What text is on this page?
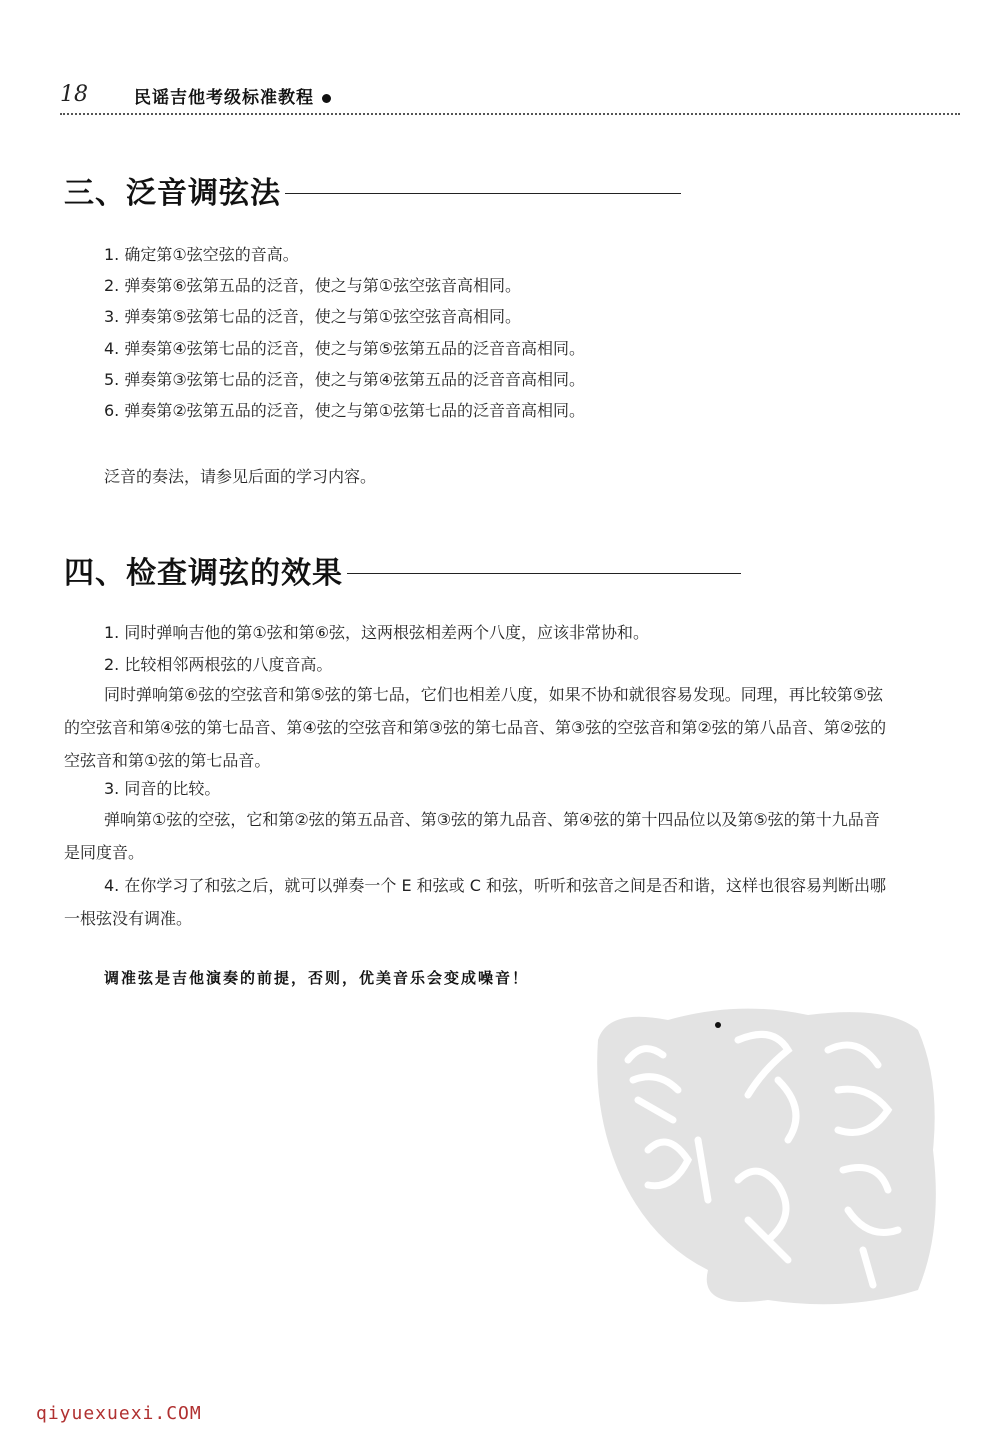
18	民谣吉他考级标准教程
三、泛音调弦法
1. 确定第①弦空弦的音高。
2. 弹奏第⑥弦第五品的泛音，使之与第①弦空弦音高相同。
3. 弹奏第⑤弦第七品的泛音，使之与第①弦空弦音高相同。
4. 弹奏第④弦第七品的泛音，使之与第⑤弦第五品的泛音音高相同。
5. 弹奏第③弦第七品的泛音，使之与第④弦第五品的泛音音高相同。
6. 弹奏第②弦第五品的泛音，使之与第①弦第七品的泛音音高相同。
泛音的奏法，请参见后面的学习内容。
四、检查调弦的效果
1. 同时弹响吉他的第①弦和第⑥弦，这两根弦相差两个八度，应该非常协和。
2. 比较相邻两根弦的八度音高。
同时弹响第⑥弦的空弦音和第⑤弦的第七品，它们也相差八度，如果不协和就很容易发现。同理，再比较第⑤弦的空弦音和第④弦的第七品音、第④弦的空弦音和第③弦的第七品音、第③弦的空弦音和第②弦的第八品音、第②弦的空弦音和第①弦的第七品音。
3. 同音的比较。
弹响第①弦的空弦，它和第②弦的第五品音、第③弦的第九品音、第④弦的第十四品位以及第⑤弦的第十九品音是同度音。
4. 在你学习了和弦之后，就可以弹奏一个 E 和弦或 C 和弦，听听和弦音之间是否和谐，这样也很容易判断出哪一根弦没有调准。
调准弦是吉他演奏的前提，否则，优美音乐会变成噪音！
qiyuexuexi.COM
